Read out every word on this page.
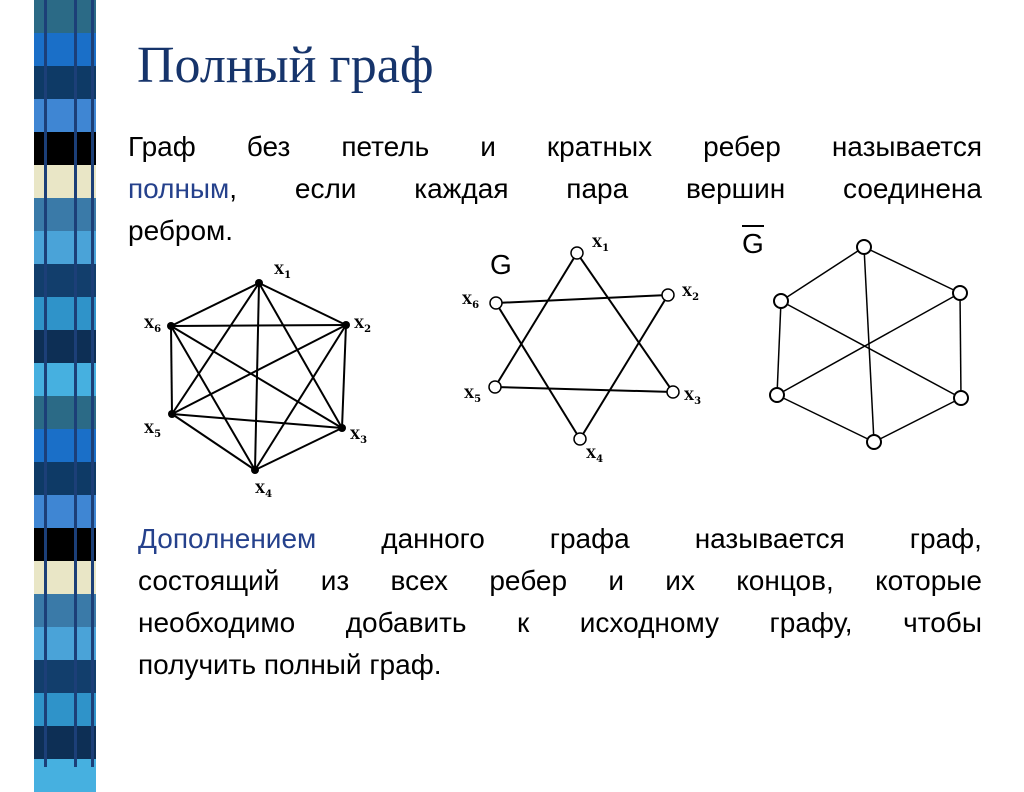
Полный граф
Граф без петель и кратных ребер называется
полным, если каждая пара вершин соединена
ребром.
$X_1$
$X_2$
$X_3$
$X_4$
$X_5$
$X_6$
$X_1$
$X_2$
$X_3$
$X_4$
$X_5$
$X_6$
G
G
Дополнением данного графа называется граф,
состоящий из всех ребер и их концов, которые
необходимо добавить к исходному графу, чтобы
получить полный граф.
